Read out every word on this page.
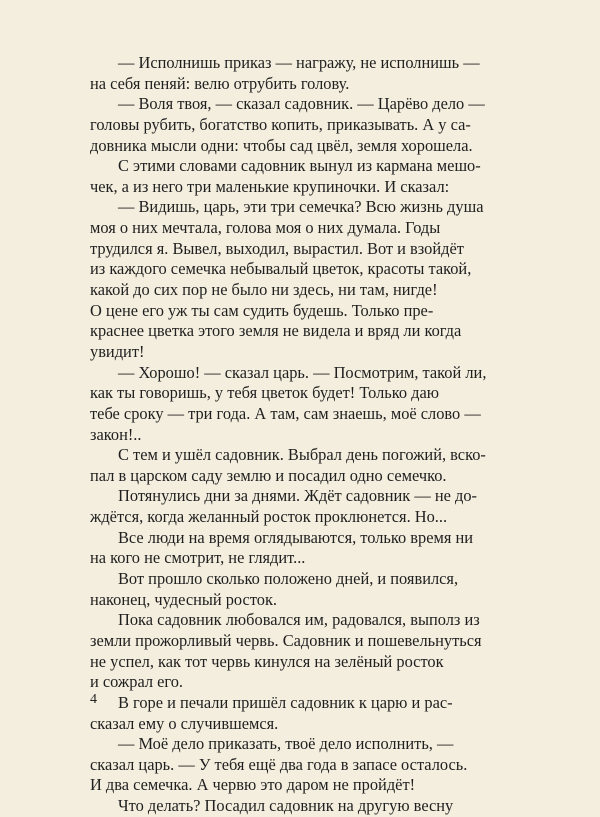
— Исполнишь приказ — награжу, не исполнишь —
на себя пеняй: велю отрубить голову.
— Воля твоя, — сказал садовник. — Царёво дело —
головы рубить, богатство копить, приказывать. А у са-
довника мысли одни: чтобы сад цвёл, земля хорошела.
С этими словами садовник вынул из кармана меш‍о-
чек, а из него три маленькие крупиночки. И сказал:
— Видишь, царь, эти три семечка? Всю жизнь душа
моя о них мечтала, голова моя о них думала. Годы
трудился я. Вывел, выходил, вырастил. Вот и взойдёт
из каждого семечка небывалый цветок, красоты такой,
какой до сих пор не было ни здесь, ни там, нигде!
О цене его уж ты сам судить будешь. Только пре-
краснее цветка этого земля не видела и вряд ли когда
увидит!
— Хорошо! — сказал царь. — Посмотрим, такой ли,
как ты говоришь, у тебя цветок будет! Только даю
тебе сроку — три года. А там, сам знаешь, моё слово —
закон!..
С тем и ушёл садовник. Выбрал день погожий, вско-
пал в царском саду землю и посадил одно семечко.
Потянулись дни за днями. Ждёт садовник — не до-
ждётся, когда желанный росток проклюнется. Но...
Все люди на время оглядываются, только время ни
на кого не смотрит, не глядит...
Вот прошло сколько положено дней, и появился,
наконец, чудесный росток.
Пока садовник любовался им, радовался, выполз из
земли прожорливый червь. Садовник и пошевельнуться
не успел, как тот червь кинулся на зелёный росток
и сожрал его.
В горе и печали пришёл садовник к царю и рас-
сказал ему о случившемся.
— Моё дело приказать, твоё дело исполнить, —
сказал царь. — У тебя ещё два года в запасе осталось.
И два семечка. А червю это даром не пройдёт!
Что делать? Посадил садовник на другую весну
4
